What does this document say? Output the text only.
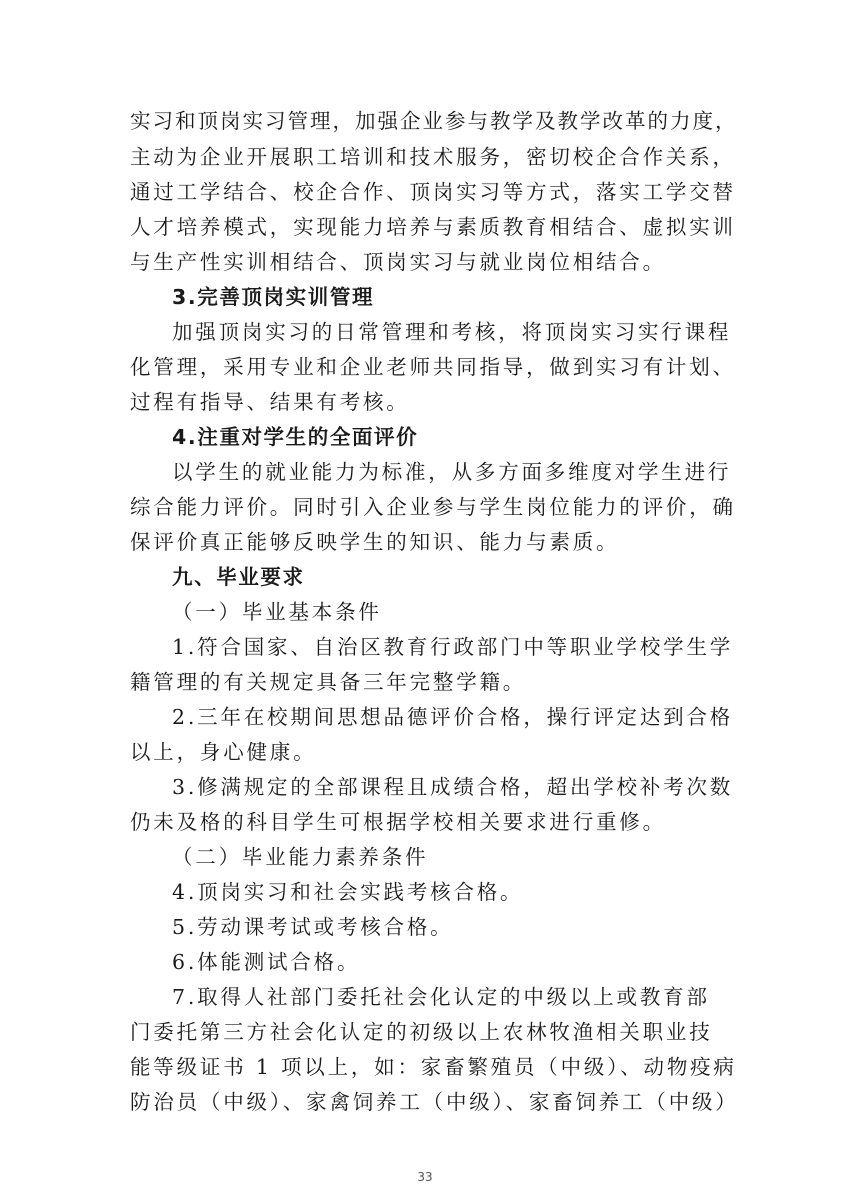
实习和顶岗实习管理，加强企业参与教学及教学改革的力度，
主动为企业开展职工培训和技术服务，密切校企合作关系，
通过工学结合、校企合作、顶岗实习等方式，落实工学交替
人才培养模式，实现能力培养与素质教育相结合、虚拟实训
与生产性实训相结合、顶岗实习与就业岗位相结合。
3.完善顶岗实训管理
加强顶岗实习的日常管理和考核，将顶岗实习实行课程
化管理，采用专业和企业老师共同指导，做到实习有计划、
过程有指导、结果有考核。
4.注重对学生的全面评价
以学生的就业能力为标准，从多方面多维度对学生进行
综合能力评价。同时引入企业参与学生岗位能力的评价，确
保评价真正能够反映学生的知识、能力与素质。
九、毕业要求
（一）毕业基本条件
1.符合国家、自治区教育行政部门中等职业学校学生学
籍管理的有关规定具备三年完整学籍。
2.三年在校期间思想品德评价合格，操行评定达到合格
以上，身心健康。
3.修满规定的全部课程且成绩合格，超出学校补考次数
仍未及格的科目学生可根据学校相关要求进行重修。
（二）毕业能力素养条件
4.顶岗实习和社会实践考核合格。
5.劳动课考试或考核合格。
6.体能测试合格。
7.取得人社部门委托社会化认定的中级以上或教育部
门委托第三方社会化认定的初级以上农林牧渔相关职业技
能等级证书 1 项以上，如：家畜繁殖员（中级）、动物疫病
防治员（中级）、家禽饲养工（中级）、家畜饲养工（中级）
33
